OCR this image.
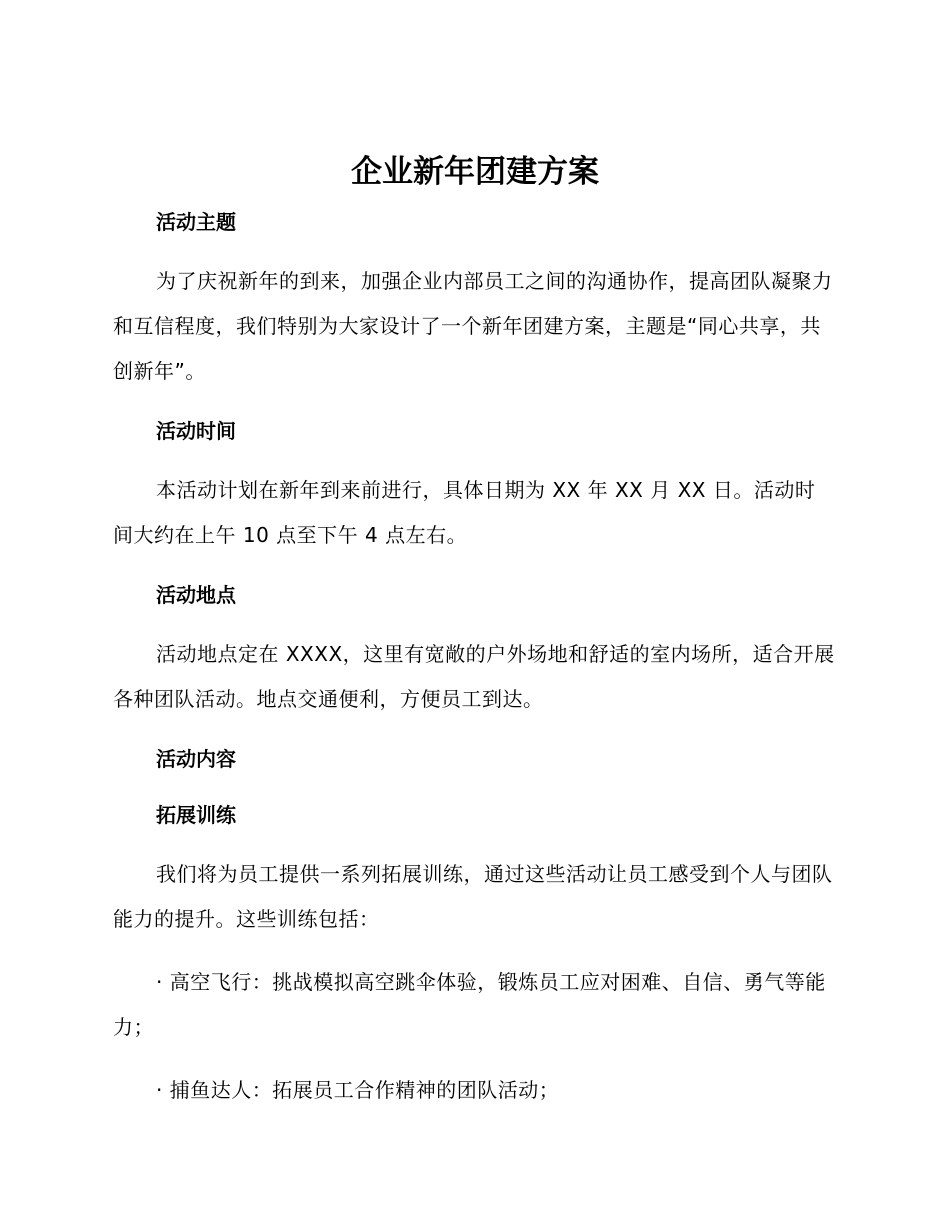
企业新年团建方案

活动主题

为了庆祝新年的到来，加强企业内部员工之间的沟通协作，提高团队凝聚力和互信程度，我们特别为大家设计了一个新年团建方案，主题是“同心共享，共创新年”。

活动时间

本活动计划在新年到来前进行，具体日期为 XX 年 XX 月 XX 日。活动时间大约在上午 10 点至下午 4 点左右。

活动地点

活动地点定在 XXXX，这里有宽敞的户外场地和舒适的室内场所，适合开展各种团队活动。地点交通便利，方便员工到达。

活动内容

拓展训练

我们将为员工提供一系列拓展训练，通过这些活动让员工感受到个人与团队能力的提升。这些训练包括：

· 高空飞行：挑战模拟高空跳伞体验，锻炼员工应对困难、自信、勇气等能力；

· 捕鱼达人：拓展员工合作精神的团队活动；
